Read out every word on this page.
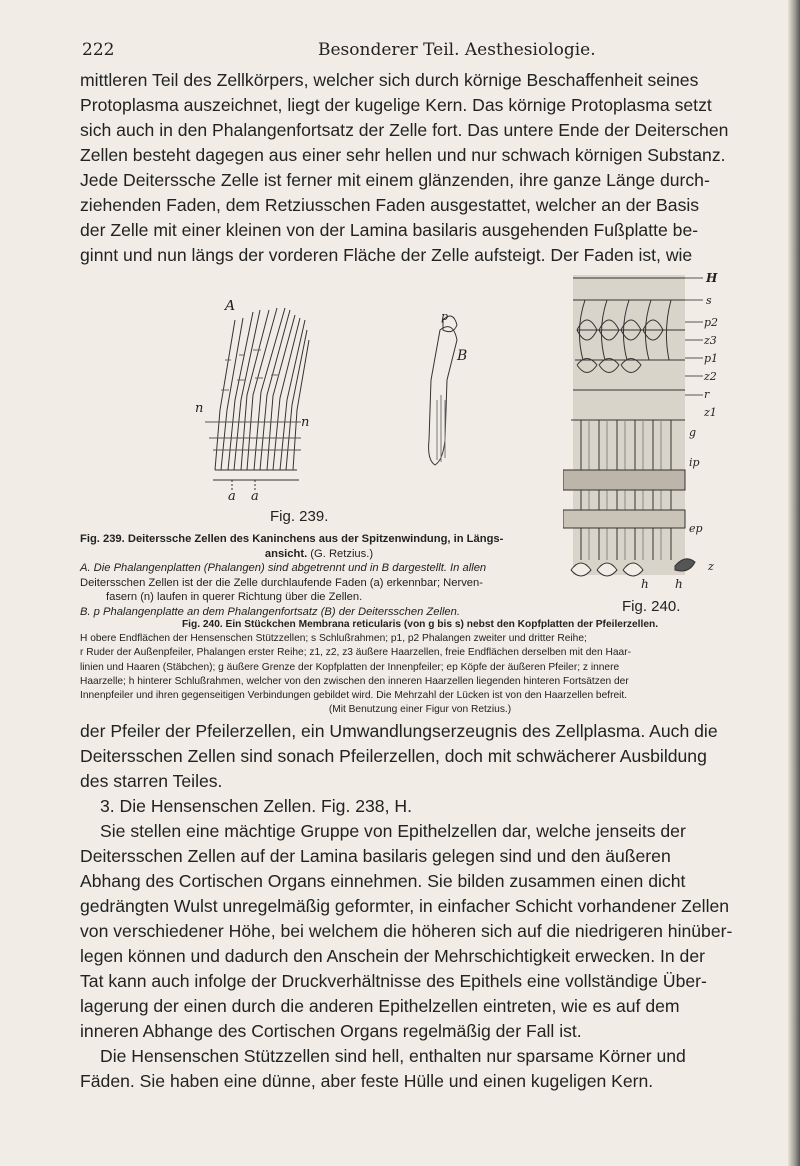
222	Besonderer Teil. Aesthesiologie.

mittleren Teil des Zellkörpers, welcher sich durch körnige Beschaffenheit seines

Protoplasma auszeichnet, liegt der kugelige Kern. Das körnige Protoplasma setzt

sich auch in den Phalangenfortsatz der Zelle fort. Das untere Ende der Deiterschen

Zellen besteht dagegen aus einer sehr hellen und nur schwach körnigen Substanz.

Jede Deiterssche Zelle ist ferner mit einem glänzenden, ihre ganze Länge durch-

ziehenden Faden, dem Retziusschen Faden ausgestattet, welcher an der Basis

der Zelle mit einer kleinen von der Lamina basilaris ausgehenden Fußplatte be-

ginnt und nun längs der vorderen Fläche der Zelle aufsteigt. Der Faden ist, wie

A
p
B
n
n
a a
Fig. 239.
Fig. 239. Deiterssche Zellen des Kaninchens aus der Spitzenwindung, in Längs-
ansicht. (G. Retzius.)
A. Die Phalangenplatten (Phalangen) sind abgetrennt und in B dargestellt. In allen
Deitersschen Zellen ist der die Zelle durchlaufende Faden (a) erkennbar; Nerven-
fasern (n) laufen in querer Richtung über die Zellen.
B. p Phalangenplatte an dem Phalangenfortsatz (B) der Deitersschen Zellen.
H
s
p2
z3
p1
z2
r
z1
g
ip
ep
z
h h
Fig. 240.
Fig. 240. Ein Stückchen Membrana reticularis (von g bis s) nebst den Kopfplatten der Pfeilerzellen.
H obere Endflächen der Hensenschen Stützzellen; s Schlußrahmen; p1, p2 Phalangen zweiter und dritter Reihe;
r Ruder der Außenpfeiler, Phalangen erster Reihe; z1, z2, z3 äußere Haarzellen, freie Endflächen derselben mit den Haar-
linien und Haaren (Stäbchen); g äußere Grenze der Kopfplatten der Innenpfeiler; ep Köpfe der äußeren Pfeiler; z innere
Haarzelle; h hinterer Schlußrahmen, welcher von den zwischen den inneren Haarzellen liegenden hinteren Fortsätzen der
Innenpfeiler und ihren gegenseitigen Verbindungen gebildet wird. Die Mehrzahl der Lücken ist von den Haarzellen befreit.
(Mit Benutzung einer Figur von Retzius.)

der Pfeiler der Pfeilerzellen, ein Umwandlungserzeugnis des Zellplasma. Auch die

Deitersschen Zellen sind sonach Pfeilerzellen, doch mit schwächerer Ausbildung

des starren Teiles.

3. Die Hensenschen Zellen. Fig. 238, H.

Sie stellen eine mächtige Gruppe von Epithelzellen dar, welche jenseits der

Deitersschen Zellen auf der Lamina basilaris gelegen sind und den äußeren

Abhang des Cortischen Organs einnehmen. Sie bilden zusammen einen dicht

gedrängten Wulst unregelmäßig geformter, in einfacher Schicht vorhandener Zellen

von verschiedener Höhe, bei welchem die höheren sich auf die niedrigeren hinüber-

legen können und dadurch den Anschein der Mehrschichtigkeit erwecken. In der

Tat kann auch infolge der Druckverhältnisse des Epithels eine vollständige Über-

lagerung der einen durch die anderen Epithelzellen eintreten, wie es auf dem

inneren Abhange des Cortischen Organs regelmäßig der Fall ist.

Die Hensenschen Stützzellen sind hell, enthalten nur sparsame Körner und

Fäden. Sie haben eine dünne, aber feste Hülle und einen kugeligen Kern.
